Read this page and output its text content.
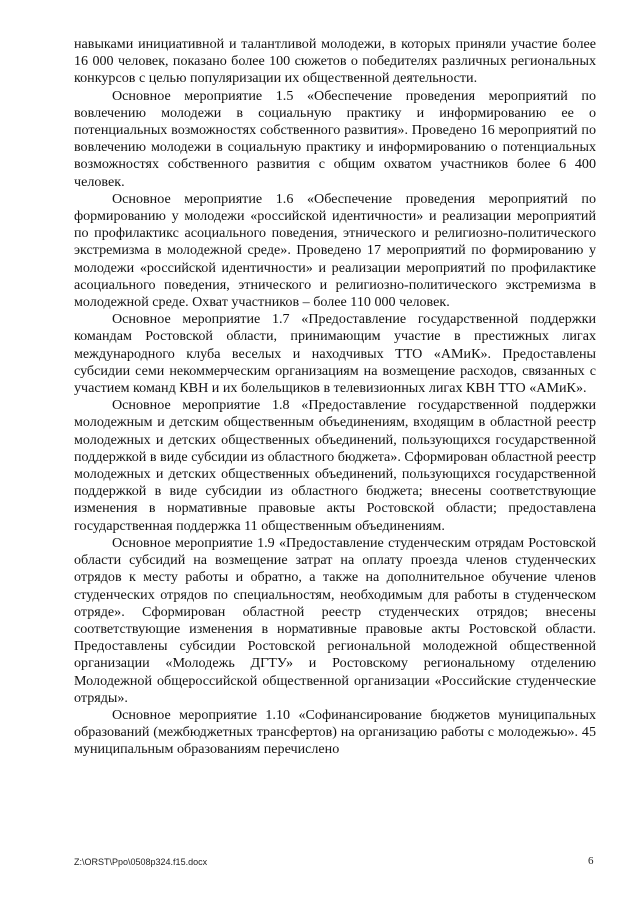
навыками инициативной и талантливой молодежи, в которых приняли участие более 16 000 человек, показано более 100 сюжетов о победителях различных региональных конкурсов с целью популяризации их общественной деятельности.

Основное мероприятие 1.5 «Обеспечение проведения мероприятий по вовлечению молодежи в социальную практику и информированию ее о потенциальных возможностях собственного развития». Проведено 16 мероприятий по вовлечению молодежи в социальную практику и информированию о потенциальных возможностях собственного развития с общим охватом участников более 6 400 человек.

Основное мероприятие 1.6 «Обеспечение проведения мероприятий по формированию у молодежи «российской идентичности» и реализации мероприятий по профилактикс асоциального поведения, этнического и религиозно-политического экстремизма в молодежной среде». Проведено 17 мероприятий по формированию у молодежи «российской идентичности» и реализации мероприятий по профилактике асоциального поведения, этнического и религиозно-политического экстремизма в молодежной среде. Охват участников – более 110 000 человек.

Основное мероприятие 1.7 «Предоставление государственной поддержки командам Ростовской области, принимающим участие в престижных лигах международного клуба веселых и находчивых ТТО «АМиК». Предоставлены субсидии семи некоммерческим организациям на возмещение расходов, связанных с участием команд КВН и их болельщиков в телевизионных лигах КВН ТТО «АМиК».

Основное мероприятие 1.8 «Предоставление государственной поддержки молодежным и детским общественным объединениям, входящим в областной реестр молодежных и детских общественных объединений, пользующихся государственной поддержкой в виде субсидии из областного бюджета». Сформирован областной реестр молодежных и детских общественных объединений, пользующихся государственной поддержкой в виде субсидии из областного бюджета; внесены соответствующие изменения в нормативные правовые акты Ростовской области; предоставлена государственная поддержка 11 общественным объединениям.

Основное мероприятие 1.9 «Предоставление студенческим отрядам Ростовской области субсидий на возмещение затрат на оплату проезда членов студенческих отрядов к месту работы и обратно, а также на дополнительное обучение членов студенческих отрядов по специальностям, необходимым для работы в студенческом отряде». Сформирован областной реестр студенческих отрядов; внесены соответствующие изменения в нормативные правовые акты Ростовской области. Предоставлены субсидии Ростовской региональной молодежной общественной организации «Молодежь ДГТУ» и Ростовскому региональному отделению Молодежной общероссийской общественной организации «Российские студенческие отряды».

Основное мероприятие 1.10 «Софинансирование бюджетов муниципальных образований (межбюджетных трансфертов) на организацию работы с молодежью». 45 муниципальным образованиям перечислено

Z:\ORST\Ppo\0508p324.f15.docx	6
